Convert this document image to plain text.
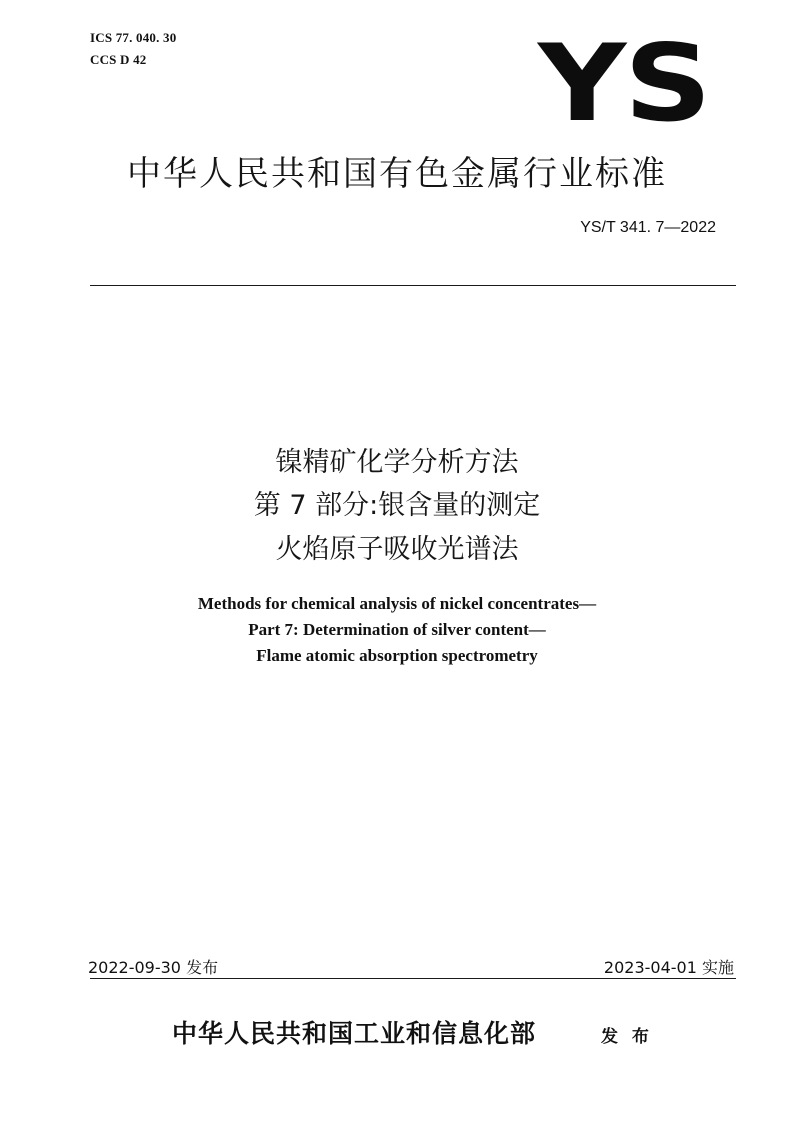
ICS 77. 040. 30
CCS D 42	YS
中华人民共和国有色金属行业标准
YS/T 341. 7—2022
镍精矿化学分析方法
第 7 部分:银含量的测定
火焰原子吸收光谱法
Methods for chemical analysis of nickel concentrates—
Part 7: Determination of silver content—
Flame atomic absorption spectrometry
2022-09-30 发布	2023-04-01 实施
中华人民共和国工业和信息化部	发 布
